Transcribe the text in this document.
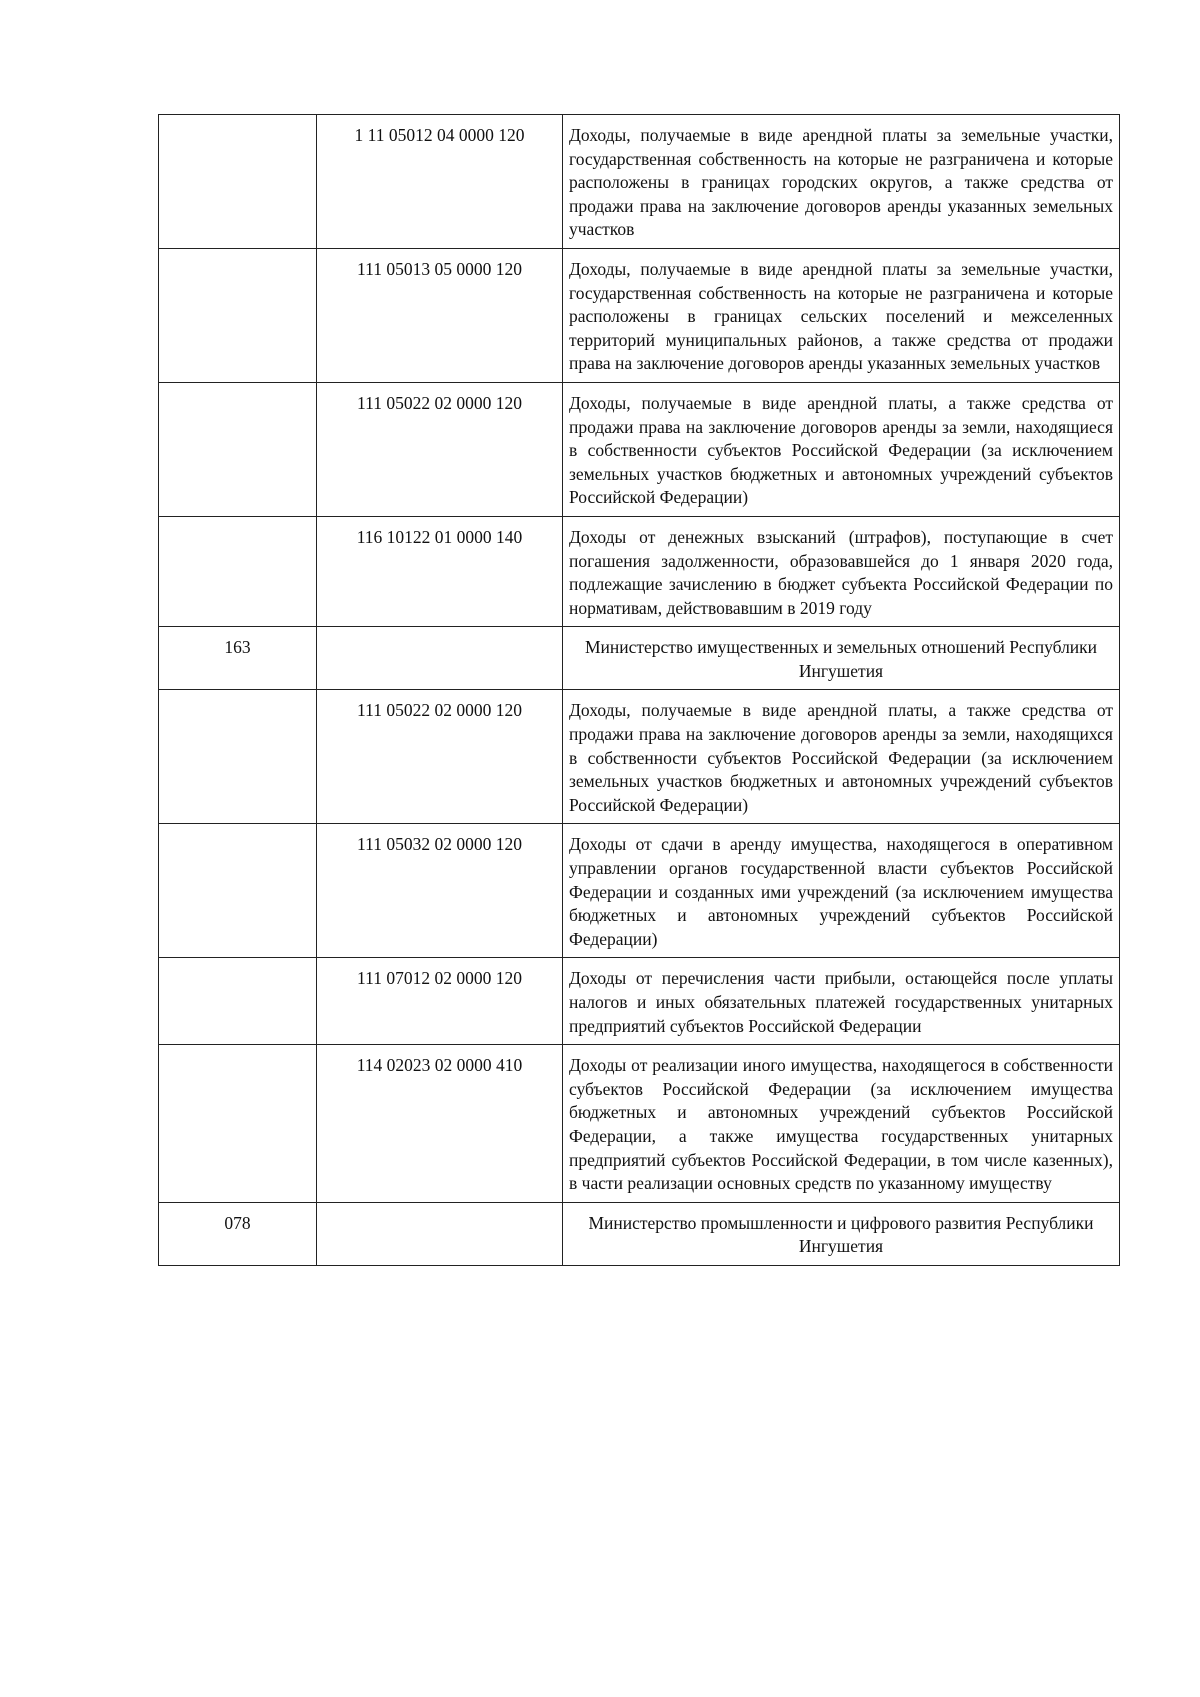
	1 11 05012 04 0000 120	Доходы, получаемые в виде арендной платы за земельные участки, государственная собственность на которые не разграничена и которые расположены в границах городских округов, а также средства от продажи права на заключение договоров аренды указанных земельных участков
	111 05013 05 0000 120	Доходы, получаемые в виде арендной платы за земельные участки, государственная собственность на которые не разграничена и которые расположены в границах сельских поселений и межселенных территорий муниципальных районов, а также средства от продажи права на заключение договоров аренды указанных земельных участков
	111 05022 02 0000 120	Доходы, получаемые в виде арендной платы, а также средства от продажи права на заключение договоров аренды за земли, находящиеся в собственности субъектов Российской Федерации (за исключением земельных участков бюджетных и автономных учреждений субъектов Российской Федерации)
	116 10122 01 0000 140	Доходы от денежных взысканий (штрафов), поступающие в счет погашения задолженности, образовавшейся до 1 января 2020 года, подлежащие зачислению в бюджет субъекта Российской Федерации по нормативам, действовавшим в 2019 году
163		Министерство имущественных и земельных отношений Республики Ингушетия
	111 05022 02 0000 120	Доходы, получаемые в виде арендной платы, а также средства от продажи права на заключение договоров аренды за земли, находящихся в собственности субъектов Российской Федерации (за исключением земельных участков бюджетных и автономных учреждений субъектов Российской Федерации)
	111 05032 02 0000 120	Доходы от сдачи в аренду имущества, находящегося в оперативном управлении органов государственной власти субъектов Российской Федерации и созданных ими учреждений (за исключением имущества бюджетных и автономных учреждений субъектов Российской Федерации)
	111 07012 02 0000 120	Доходы от перечисления части прибыли, остающейся после уплаты налогов и иных обязательных платежей государственных унитарных предприятий субъектов Российской Федерации
	114 02023 02 0000 410	Доходы от реализации иного имущества, находящегося в собственности субъектов Российской Федерации (за исключением имущества бюджетных и автономных учреждений субъектов Российской Федерации, а также имущества государственных унитарных предприятий субъектов Российской Федерации, в том числе казенных), в части реализации основных средств по указанному имуществу
078		Министерство промышленности и цифрового развития Республики Ингушетия
